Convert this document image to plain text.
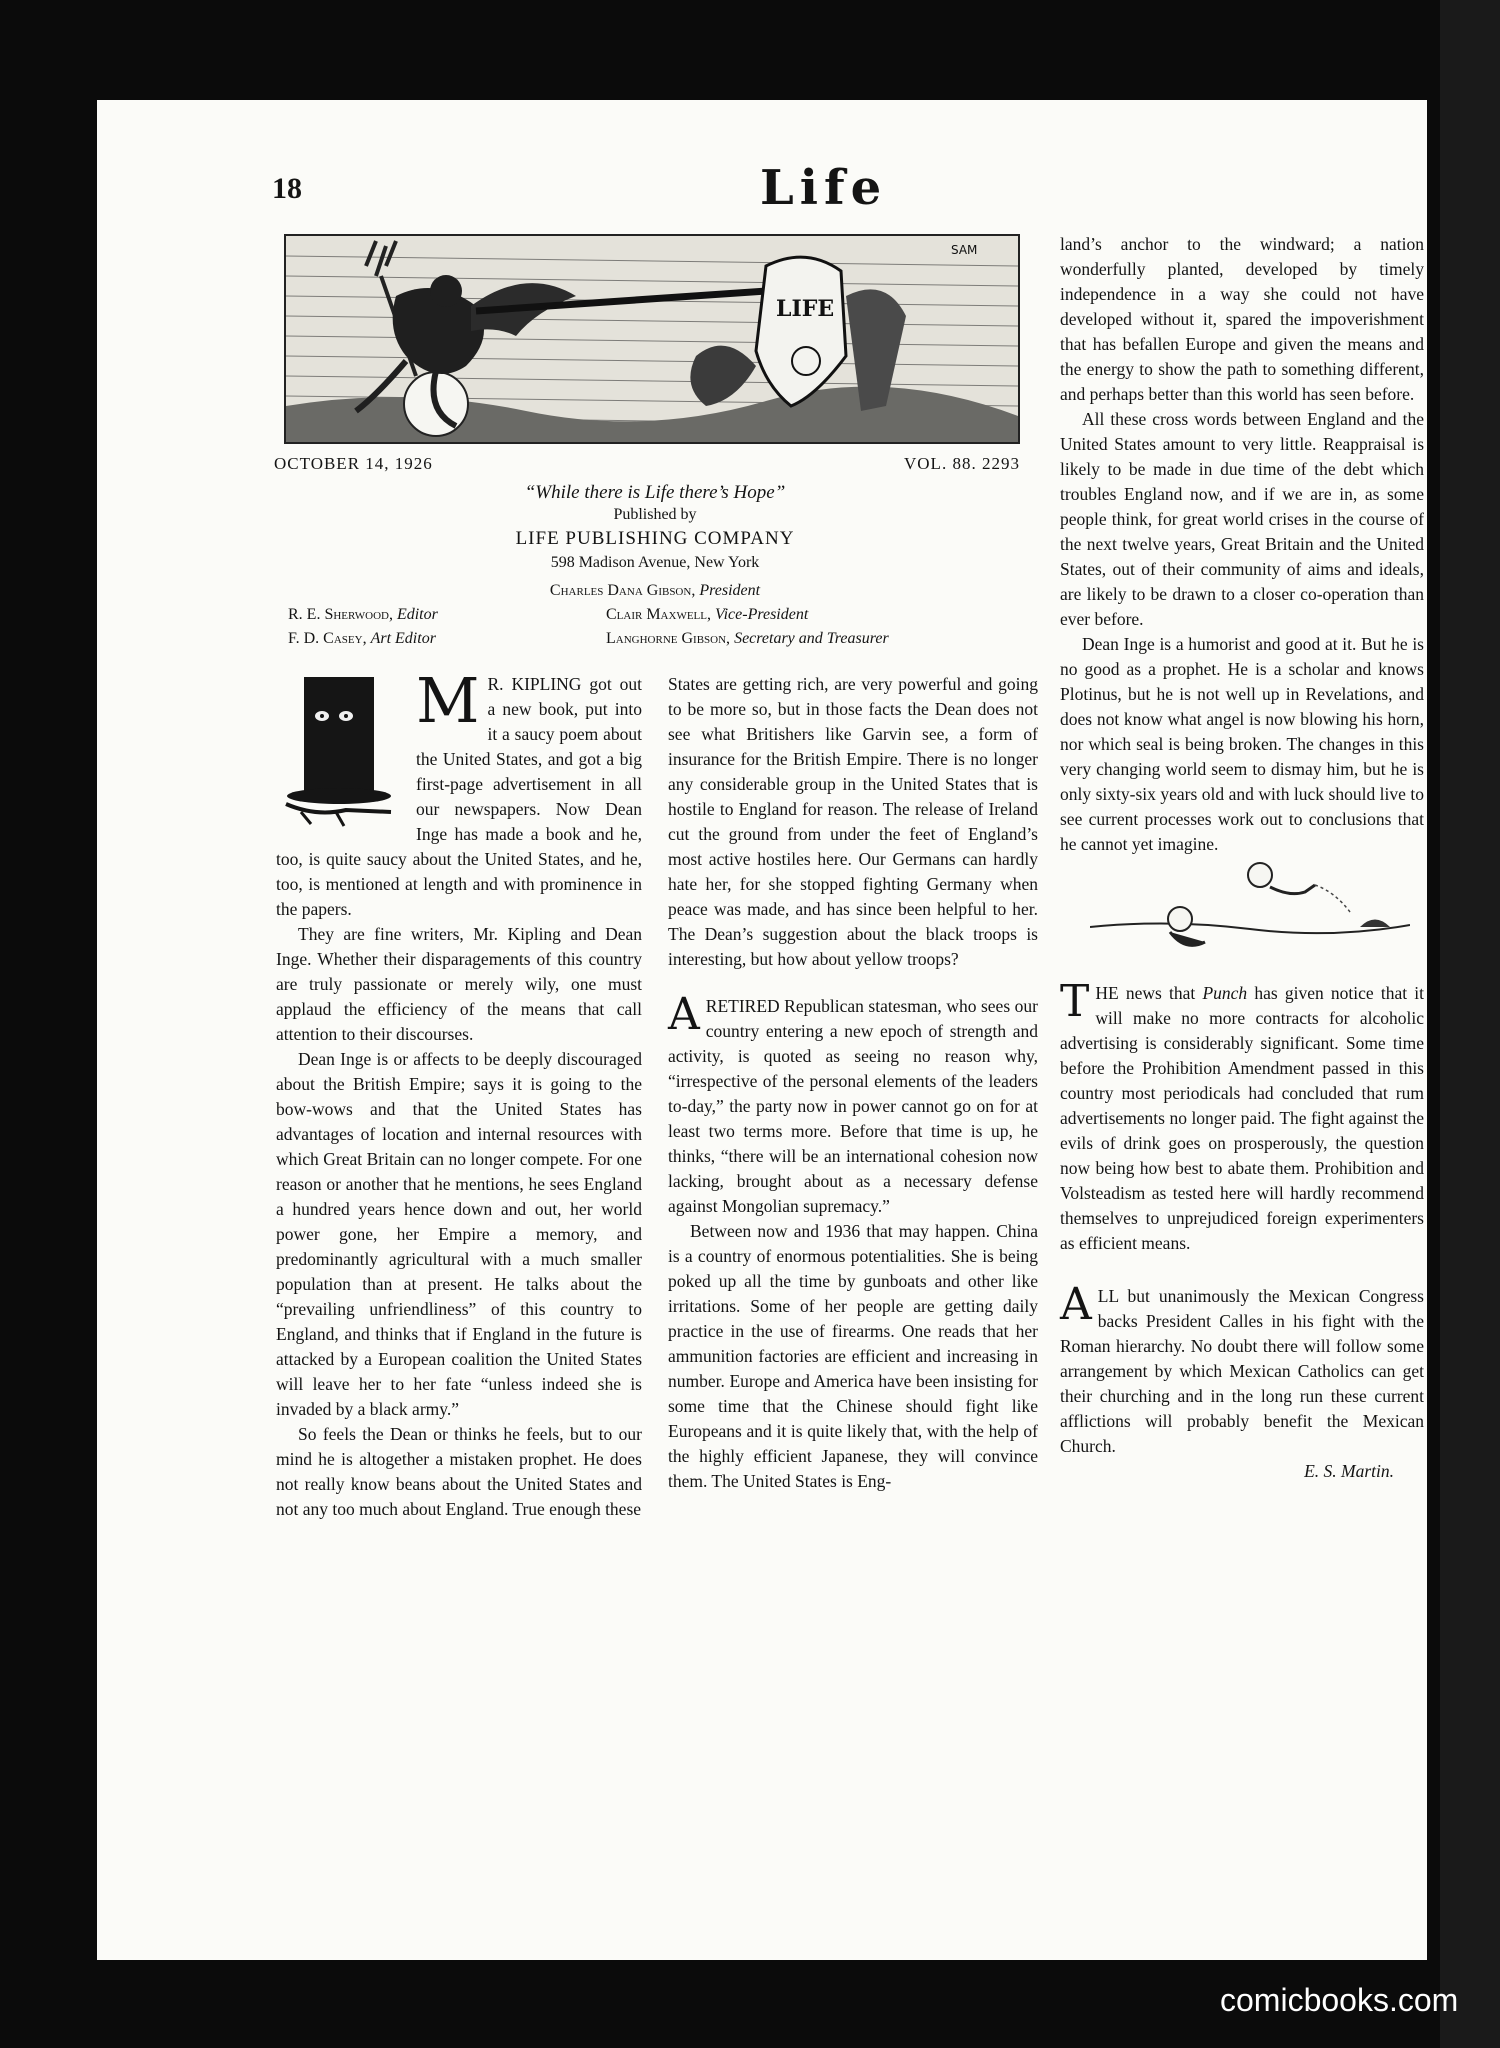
18	Life
LIFE
SAM
OCTOBER 14, 1926	VOL. 88. 2293
“While there is Life there’s Hope”
Published by
LIFE PUBLISHING COMPANY
598 Madison Avenue, New York
Charles Dana Gibson, President
R. E. Sherwood, Editor
F. D. Casey, Art Editor
Clair Maxwell, Vice-President
Langhorne Gibson, Secretary and Treasurer
M R. KIPLING got out a new book, put into it a saucy poem about the United States, and got a big first-page advertisement in all our newspapers. Now Dean Inge has made a book and he, too, is quite saucy about the United States, and he, too, is mentioned at length and with prominence in the papers.

They are fine writers, Mr. Kipling and Dean Inge. Whether their disparagements of this country are truly passionate or merely wily, one must applaud the efficiency of the means that call attention to their discourses.

Dean Inge is or affects to be deeply discouraged about the British Empire; says it is going to the bow-wows and that the United States has advantages of location and internal resources with which Great Britain can no longer compete. For one reason or another that he mentions, he sees England a hundred years hence down and out, her world power gone, her Empire a memory, and predominantly agricultural with a much smaller population than at present. He talks about the “prevailing unfriendliness” of this country to England, and thinks that if England in the future is attacked by a European coalition the United States will leave her to her fate “unless indeed she is invaded by a black army.”

So feels the Dean or thinks he feels, but to our mind he is altogether a mistaken prophet. He does not really know beans about the United States and not any too much about England. True enough these

States are getting rich, are very powerful and going to be more so, but in those facts the Dean does not see what Britishers like Garvin see, a form of insurance for the British Empire. There is no longer any considerable group in the United States that is hostile to England for reason. The release of Ireland cut the ground from under the feet of England’s most active hostiles here. Our Germans can hardly hate her, for she stopped fighting Germany when peace was made, and has since been helpful to her. The Dean’s suggestion about the black troops is interesting, but how about yellow troops?

A RETIRED Republican statesman, who sees our country entering a new epoch of strength and activity, is quoted as seeing no reason why, “irrespective of the personal elements of the leaders to-day,” the party now in power cannot go on for at least two terms more. Before that time is up, he thinks, “there will be an international cohesion now lacking, brought about as a necessary defense against Mongolian supremacy.”

Between now and 1936 that may happen. China is a country of enormous potentialities. She is being poked up all the time by gunboats and other like irritations. Some of her people are getting daily practice in the use of firearms. One reads that her ammunition factories are efficient and increasing in number. Europe and America have been insisting for some time that the Chinese should fight like Europeans and it is quite likely that, with the help of the highly efficient Japanese, they will convince them. The United States is Eng-

land’s anchor to the windward; a nation wonderfully planted, developed by timely independence in a way she could not have developed without it, spared the impoverishment that has befallen Europe and given the means and the energy to show the path to something different, and perhaps better than this world has seen before.

All these cross words between England and the United States amount to very little. Reappraisal is likely to be made in due time of the debt which troubles England now, and if we are in, as some people think, for great world crises in the course of the next twelve years, Great Britain and the United States, out of their community of aims and ideals, are likely to be drawn to a closer co-operation than ever before.

Dean Inge is a humorist and good at it. But he is no good as a prophet. He is a scholar and knows Plotinus, but he is not well up in Revelations, and does not know what angel is now blowing his horn, nor which seal is being broken. The changes in this very changing world seem to dismay him, but he is only sixty-six years old and with luck should live to see current processes work out to conclusions that he cannot yet imagine.

T HE news that Punch has given notice that it will make no more contracts for alcoholic advertising is considerably significant. Some time before the Prohibition Amendment passed in this country most periodicals had concluded that rum advertisements no longer paid. The fight against the evils of drink goes on prosperously, the question now being how best to abate them. Prohibition and Volsteadism as tested here will hardly recommend themselves to unprejudiced foreign experimenters as efficient means.

A LL but unanimously the Mexican Congress backs President Calles in his fight with the Roman hierarchy. No doubt there will follow some arrangement by which Mexican Catholics can get their churching and in the long run these current afflictions will probably benefit the Mexican Church.

E. S. Martin.
comicbooks.com
